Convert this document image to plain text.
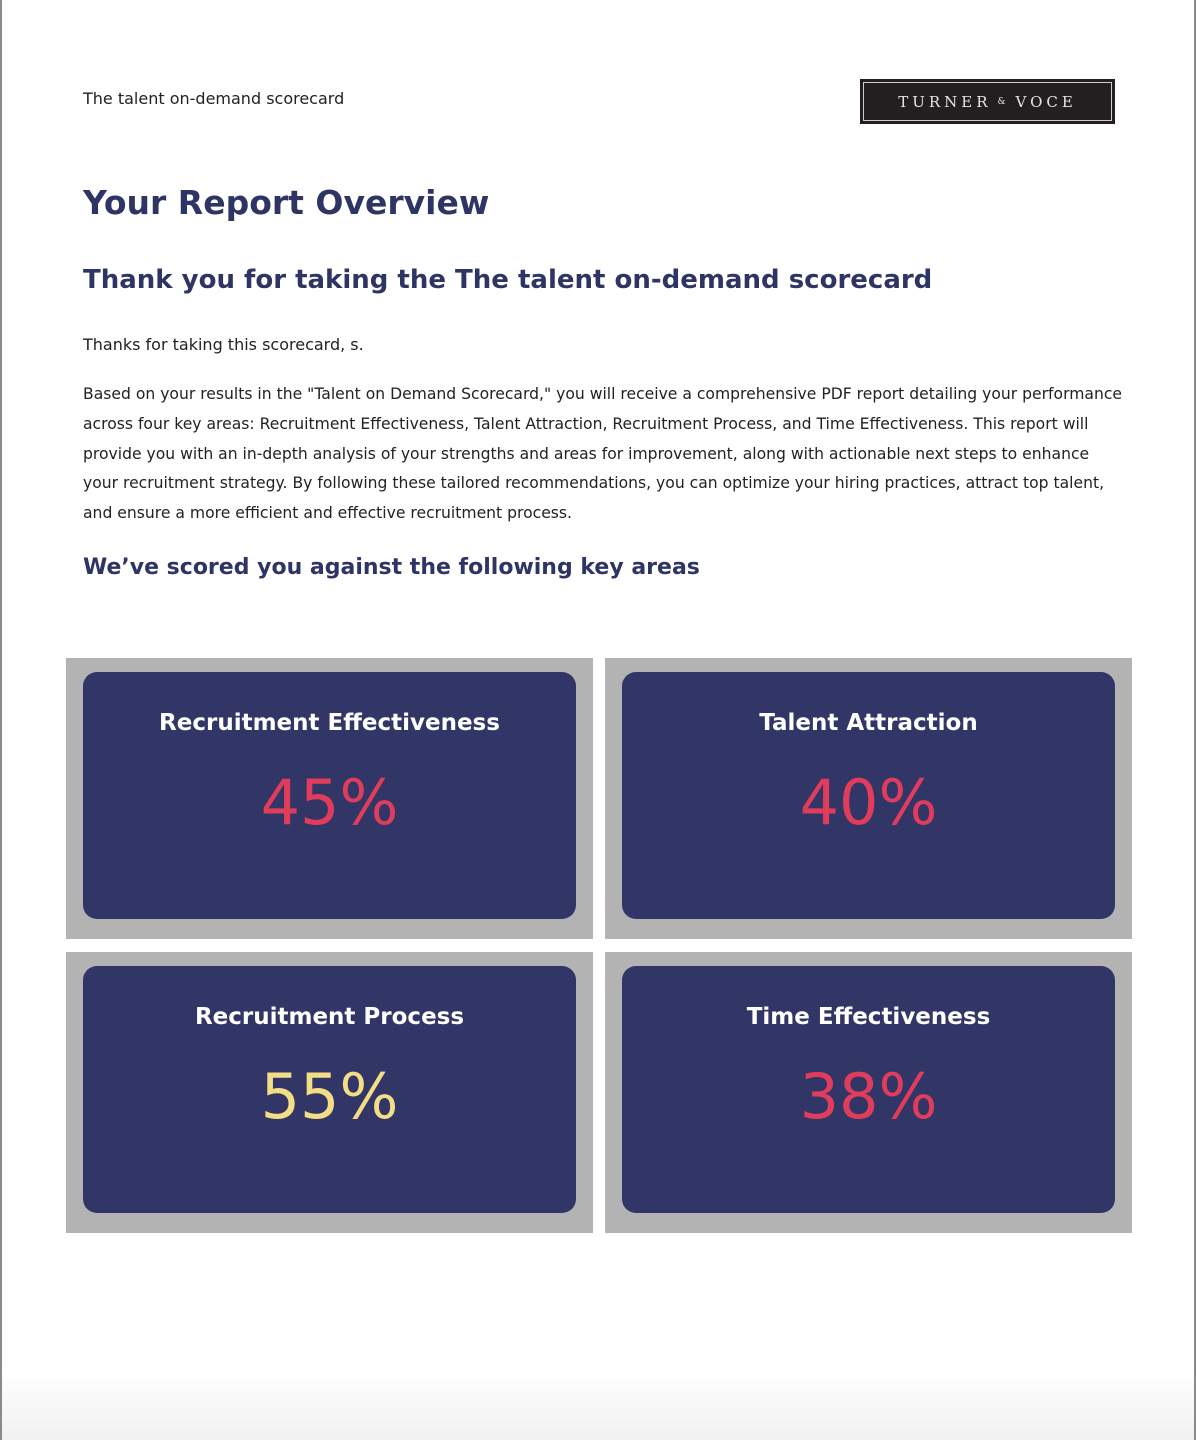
The talent on-demand scorecard	TURNER & VOCE
Your Report Overview
Thank you for taking the The talent on-demand scorecard

Thanks for taking this scorecard, s.

Based on your results in the "Talent on Demand Scorecard," you will receive a comprehensive PDF report detailing your performance across four key areas: Recruitment Effectiveness, Talent Attraction, Recruitment Process, and Time Effectiveness. This report will provide you with an in-depth analysis of your strengths and areas for improvement, along with actionable next steps to enhance your recruitment strategy. By following these tailored recommendations, you can optimize your hiring practices, attract top talent, and ensure a more efficient and effective recruitment process.

We’ve scored you against the following key areas
Recruitment Effectiveness
45%
Talent Attraction
40%
Recruitment Process
55%
Time Effectiveness
38%
